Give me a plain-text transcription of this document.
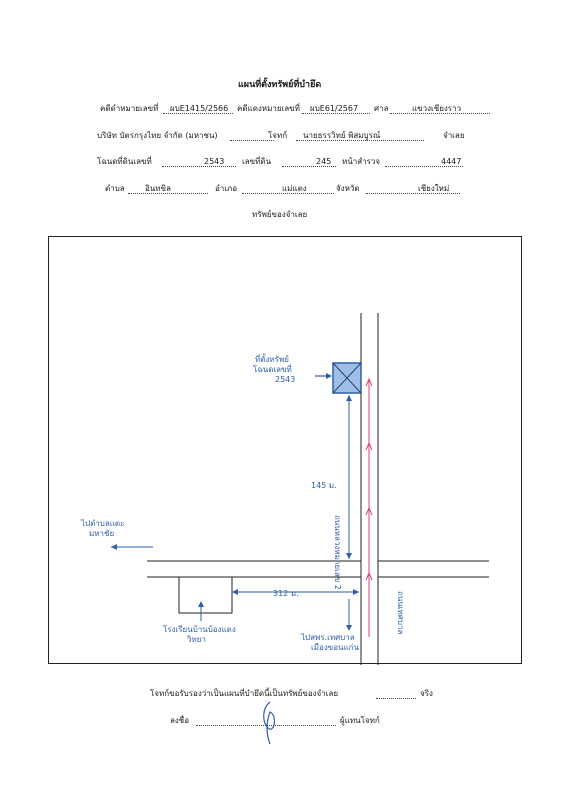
แผนที่ตั้งทรัพย์ที่บำยึด
คดีดำหมายเลขที่ ผบE1415/2566 คดีแดงหมายเลขที่ ผบE61/2567 ศาล	แขวงเชียงราว
บริษัท บัตรกรุงไทย จำกัด (มหาชน)	โจทก์ นายธรรวิทย์ พิสมบูรณ์	จำเลย
โฉนดที่ดินเลขที่	2543 เลขที่ดิน	245 หน้าสำรวจ	4447
ตำบล	อินทขิล	อำเภอ	แม่แตง	จังหวัด	เชียงใหม่
ทรัพย์ของจำเลย
ที่ตั้งทรัพย์
โฉนดเลขที่
2543
145 ม.
312 ม.
ไปตำบลแตะ
มหาชัย
โรงเรียนบ้านบ้องแดง
วิทยา	ไปสพร.เทศบาล
เมืองขอนแก่น
ถนนหลวงหมายเลข 2
ถนนเทศบาล
โจทก์ขอรับรองว่าเป็นแผนที่บำยึดนี้เป็นทรัพย์ของจำเลย	จริง
ลงชื่อ	ผู้แทนโจทก์
